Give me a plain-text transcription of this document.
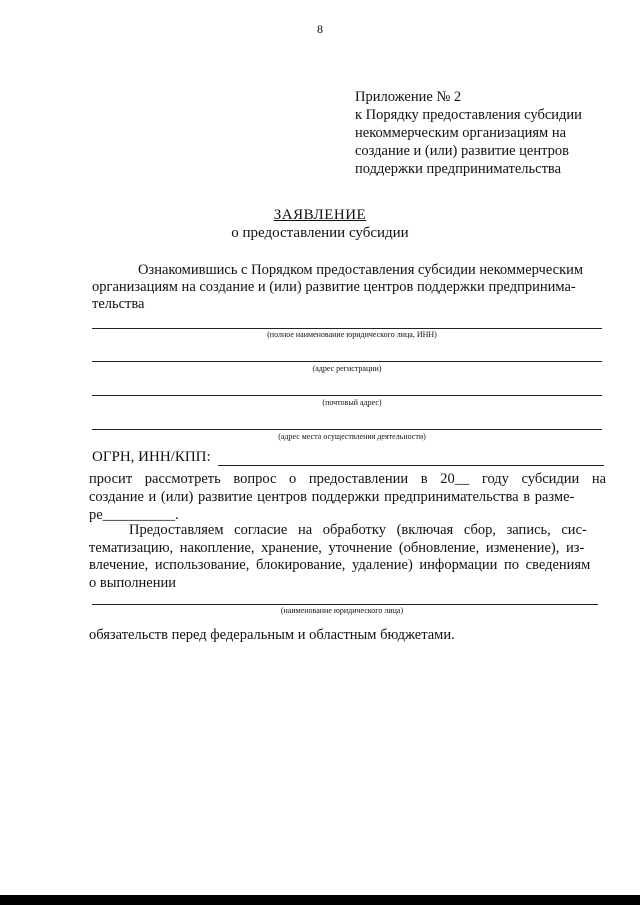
8
Приложение № 2
к Порядку предоставления субсидии
некоммерческим организациям на
создание и (или) развитие центров
поддержки предпринимательства
ЗАЯВЛЕНИЕ
о предоставлении субсидии
Ознакомившись с Порядком предоставления субсидии некоммерческим
организациям на создание и (или) развитие центров поддержки предпринима-
тельства
(полное наименование юридического лица, ИНН)
(адрес регистрации)
(почтовый адрес)
(адрес места осуществления деятельности)
ОГРН, ИНН/КПП:
просит рассмотреть вопрос о предоставлении в 20__ году субсидии на
создание и (или) развитие центров поддержки предпринимательства в разме-
ре__________.
Предоставляем согласие на обработку (включая сбор, запись, сис-
тематизацию, накопление, хранение, уточнение (обновление, изменение), из-
влечение, использование, блокирование, удаление) информации по сведениям
о выполнении
(наименование юридического лица)
обязательств перед федеральным и областным бюджетами.
